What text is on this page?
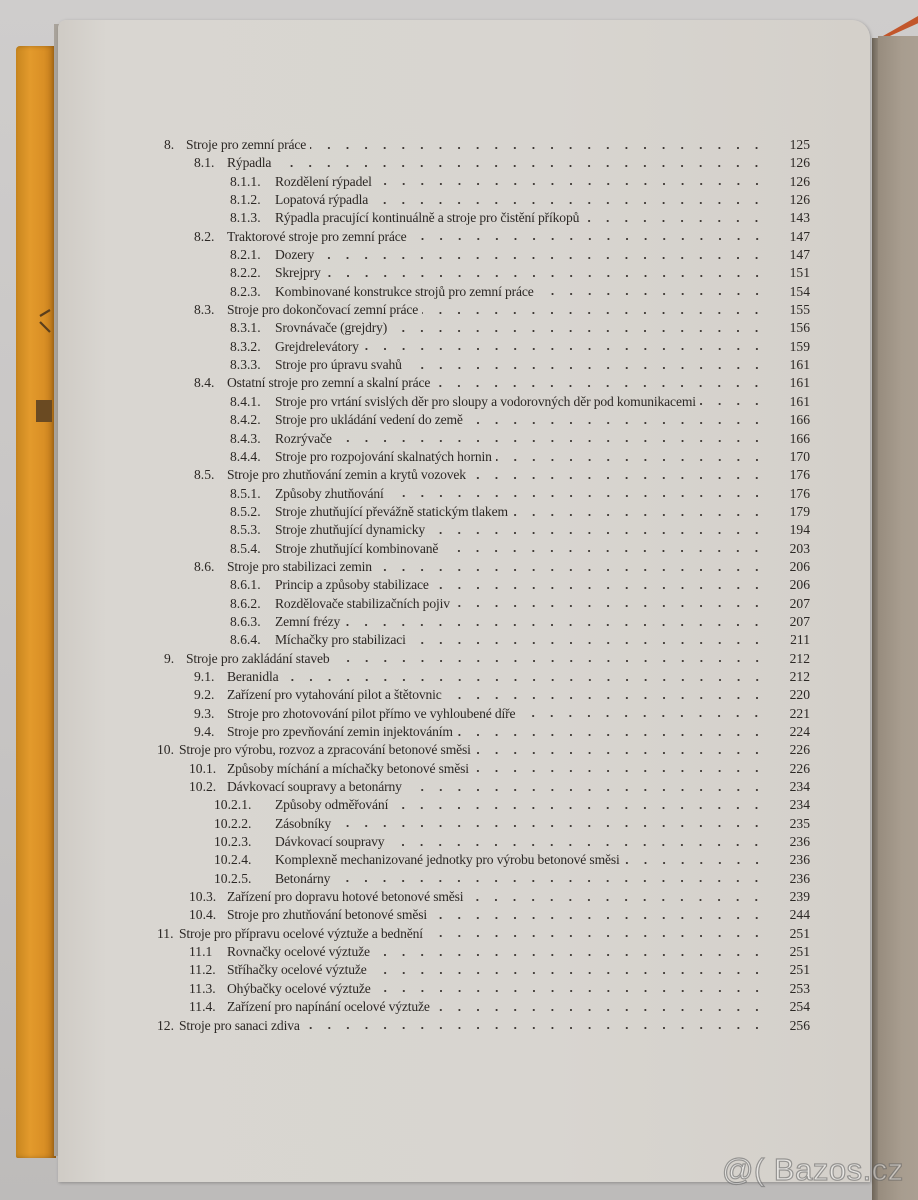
8. Stroje pro zemní práce	125
8.1. Rýpadla	126
8.1.1.	Rozdělení rýpadel	126
8.1.2.	Lopatová rýpadla	126
8.1.3.	Rýpadla pracující kontinuálně a stroje pro čistění příkopů	143
8.2. Traktorové stroje pro zemní práce	147
8.2.1.	Dozery	147
8.2.2.	Skrejpry	151
8.2.3.	Kombinované konstrukce strojů pro zemní práce	154
8.3. Stroje pro dokončovací zemní práce	155
8.3.1.	Srovnávače (grejdry)	156
8.3.2.	Grejdrelevátory	159
8.3.3.	Stroje pro úpravu svahů	161
8.4. Ostatní stroje pro zemní a skalní práce	161
8.4.1.	Stroje pro vrtání svislých děr pro sloupy a vodorovných děr pod komunikacemi	161
8.4.2.	Stroje pro ukládání vedení do země	166
8.4.3.	Rozrývače	166
8.4.4.	Stroje pro rozpojování skalnatých hornin	170
8.5. Stroje pro zhutňování zemin a krytů vozovek	176
8.5.1.	Způsoby zhutňování	176
8.5.2.	Stroje zhutňující převážně statickým tlakem	179
8.5.3.	Stroje zhutňující dynamicky	194
8.5.4.	Stroje zhutňující kombinovaně	203
8.6. Stroje pro stabilizaci zemin	206
8.6.1.	Princip a způsoby stabilizace	206
8.6.2.	Rozdělovače stabilizačních pojiv	207
8.6.3.	Zemní frézy	207
8.6.4.	Míchačky pro stabilizaci	211
9. Stroje pro zakládání staveb	212
9.1. Beranidla	212
9.2. Zařízení pro vytahování pilot a štětovnic	220
9.3. Stroje pro zhotovování pilot přímo ve vyhloubené díře	221
9.4. Stroje pro zpevňování zemin injektováním	224
10. Stroje pro výrobu, rozvoz a zpracování betonové směsi	226
10.1. Způsoby míchání a míchačky betonové směsi	226
10.2. Dávkovací soupravy a betonárny	234
10.2.1.	Způsoby odměřování	234
10.2.2.	Zásobníky	235
10.2.3.	Dávkovací soupravy	236
10.2.4.	Komplexně mechanizované jednotky pro výrobu betonové směsi	236
10.2.5.	Betonárny	236
10.3. Zařízení pro dopravu hotové betonové směsi	239
10.4. Stroje pro zhutňování betonové směsi	244
11. Stroje pro přípravu ocelové výztuže a bednění	251
11.1	Rovnačky ocelové výztuže	251
11.2. Stříhačky ocelové výztuže	251
11.3. Ohýbačky ocelové výztuže	253
11.4. Zařízení pro napínání ocelové výztuže	254
12. Stroje pro sanaci zdiva	256
@( Bazos.cz
